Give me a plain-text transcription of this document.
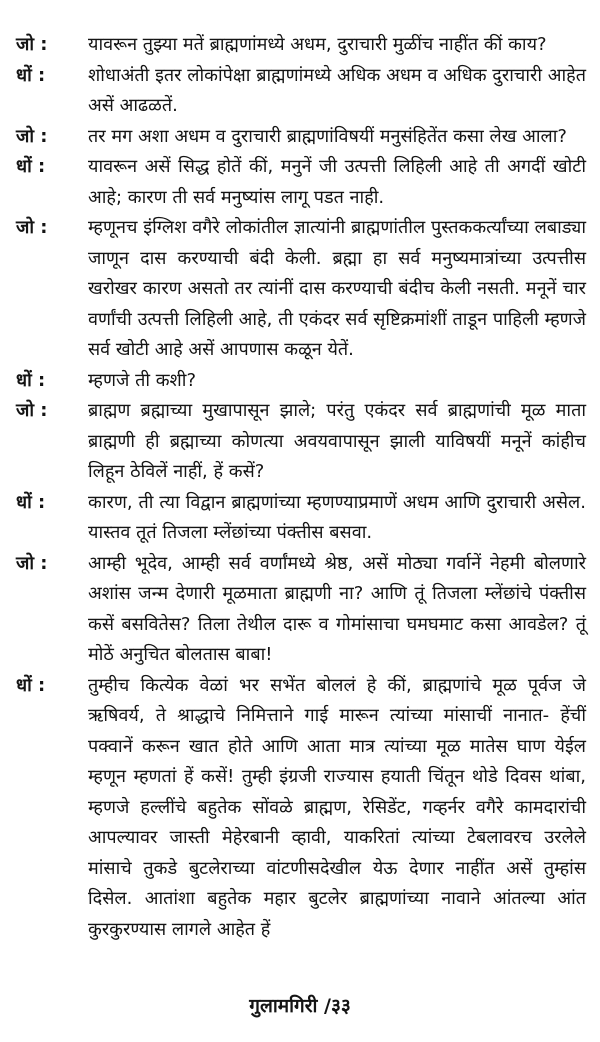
जो :	यावरून तुझ्या मतें ब्राह्मणांमध्ये अधम, दुराचारी मुळींच नाहींत कीं काय?
धों :	शोधाअंती इतर लोकांपेक्षा ब्राह्मणांमध्ये अधिक अधम व अधिक दुराचारी आहेत असें आढळतें.
जो :	तर मग अशा अधम व दुराचारी ब्राह्मणांविषयीं मनुसंहितेंत कसा लेख आला?
धों :	यावरून असें सिद्ध होतें कीं, मनुनें जी उत्पत्ती लिहिली आहे ती अगदीं खोटी आहे; कारण ती सर्व मनुष्यांस लागू पडत नाही.
जो :	म्हणूनच इंग्लिश वगैरे लोकांतील ज्ञात्यांनी ब्राह्मणांतील पुस्तककर्त्यांच्या लबाड्या जाणून दास करण्याची बंदी केली. ब्रह्मा हा सर्व मनुष्यमात्रांच्या उत्पत्तीस खरोखर कारण असतो तर त्यांनीं दास करण्याची बंदीच केली नसती. मनूनें चार वर्णांची उत्पत्ती लिहिली आहे, ती एकंदर सर्व सृष्टिक्रमांशीं ताडून पाहिली म्हणजे सर्व खोटी आहे असें आपणास कळून येतें.
धों :	म्हणजे ती कशी?
जो :	ब्राह्मण ब्रह्माच्या मुखापासून झाले; परंतु एकंदर सर्व ब्राह्मणांची मूळ माता ब्राह्मणी ही ब्रह्माच्या कोणत्या अवयवापासून झाली याविषयीं मनूनें कांहीच लिहून ठेविलें नाहीं, हें कसें?
धों :	कारण, ती त्या विद्वान ब्राह्मणांच्या म्हणण्याप्रमाणें अधम आणि दुराचारी असेल. यास्तव तूतं तिजला म्लेंछांच्या पंक्तीस बसवा.
जो :	आम्ही भूदेव, आम्ही सर्व वर्णांमध्ये श्रेष्ठ, असें मोठ्या गर्वानें नेहमी बोलणारे अशांस जन्म देणारी मूळमाता ब्राह्मणी ना? आणि तूं तिजला म्लेंछांचे पंक्तीस कसें बसवितेस? तिला तेथील दारू व गोमांसाचा घमघमाट कसा आवडेल? तूं मोठें अनुचित बोलतास बाबा!
धों :	तुम्हीच कित्येक वेळां भर सभेंत बोललं हे कीं, ब्राह्मणांचे मूळ पूर्वज जे ऋषिवर्य, ते श्राद्धाचे निमित्ताने गाई मारून त्यांच्या मांसाचीं नानात- हेंचीं पक्वानें करून खात होते आणि आता मात्र त्यांच्या मूळ मातेस घाण येईल म्हणून म्हणतां हें कसें! तुम्ही इंग्रजी राज्यास हयाती चिंतून थोडे दिवस थांबा, म्हणजे हल्लींचे बहुतेक सोंवळे ब्राह्मण, रेसिडेंट, गव्हर्नर वगैरे कामदारांची आपल्यावर जास्ती मेहेरबानी व्हावी, याकरितां त्यांच्या टेबलावरच उरलेले मांसाचे तुकडे बुटलेराच्या वांटणीसदेखील येऊ देणार नाहींत असें तुम्हांस दिसेल. आतांशा बहुतेक महार बुटलेर ब्राह्मणांच्या नावाने आंतल्या आंत कुरकुरण्यास लागले आहेत हें
गुलामगिरी /३३
